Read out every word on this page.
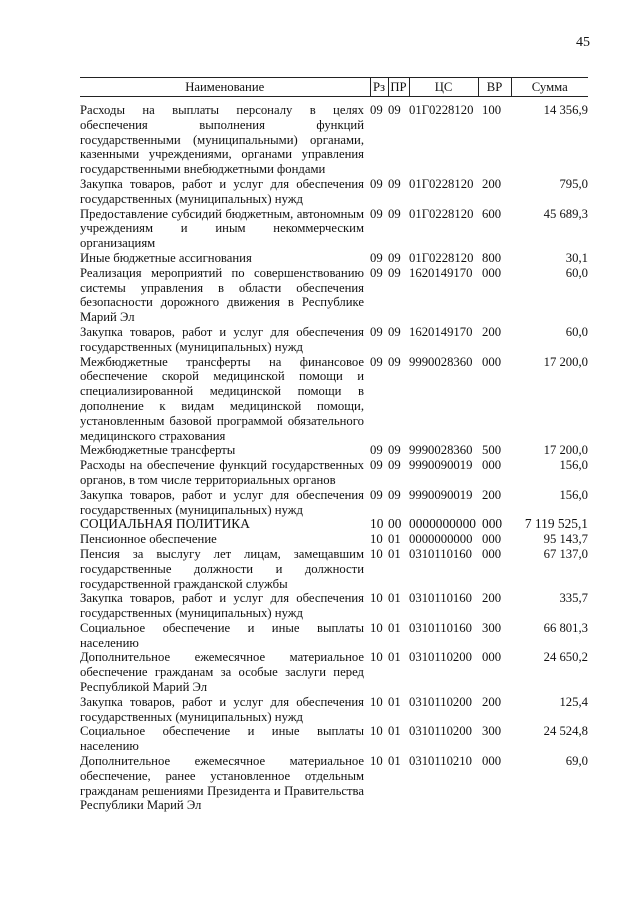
45
Наименование	Рз	ПР	ЦС	ВР	Сумма
Расходы на выплаты персоналу в целях обеспечения выполнения функций государственными (муниципальными) органами, казенными учреждениями, органами управления государственными внебюджетными фондами	09	09	01Г0228120	100	14 356,9
Закупка товаров, работ и услуг для обеспечения государственных (муниципальных) нужд	09	09	01Г0228120	200	795,0
Предоставление субсидий бюджетным, автономным учреждениям и иным некоммерческим организациям	09	09	01Г0228120	600	45 689,3
Иные бюджетные ассигнования	09	09	01Г0228120	800	30,1
Реализация мероприятий по совершенствованию системы управления в области обеспечения безопасности дорожного движения в Республике Марий Эл	09	09	1620149170	000	60,0
Закупка товаров, работ и услуг для обеспечения государственных (муниципальных) нужд	09	09	1620149170	200	60,0
Межбюджетные трансферты на финансовое обеспечение скорой медицинской помощи и специализированной медицинской помощи в дополнение к видам медицинской помощи, установленным базовой программой обязательного медицинского страхования	09	09	9990028360	000	17 200,0
Межбюджетные трансферты	09	09	9990028360	500	17 200,0
Расходы на обеспечение функций государственных органов, в том числе территориальных органов	09	09	9990090019	000	156,0
Закупка товаров, работ и услуг для обеспечения государственных (муниципальных) нужд	09	09	9990090019	200	156,0
СОЦИАЛЬНАЯ ПОЛИТИКА	10	00	0000000000	000	7 119 525,1
Пенсионное обеспечение	10	01	0000000000	000	95 143,7
Пенсия за выслугу лет лицам, замещавшим государственные должности и должности государственной гражданской службы	10	01	0310110160	000	67 137,0
Закупка товаров, работ и услуг для обеспечения государственных (муниципальных) нужд	10	01	0310110160	200	335,7
Социальное обеспечение и иные выплаты населению	10	01	0310110160	300	66 801,3
Дополнительное ежемесячное материальное обеспечение гражданам за особые заслуги перед Республикой Марий Эл	10	01	0310110200	000	24 650,2
Закупка товаров, работ и услуг для обеспечения государственных (муниципальных) нужд	10	01	0310110200	200	125,4
Социальное обеспечение и иные выплаты населению	10	01	0310110200	300	24 524,8
Дополнительное ежемесячное материальное обеспечение, ранее установленное отдельным гражданам решениями Президента и Правительства Республики Марий Эл	10	01	0310110210	000	69,0
